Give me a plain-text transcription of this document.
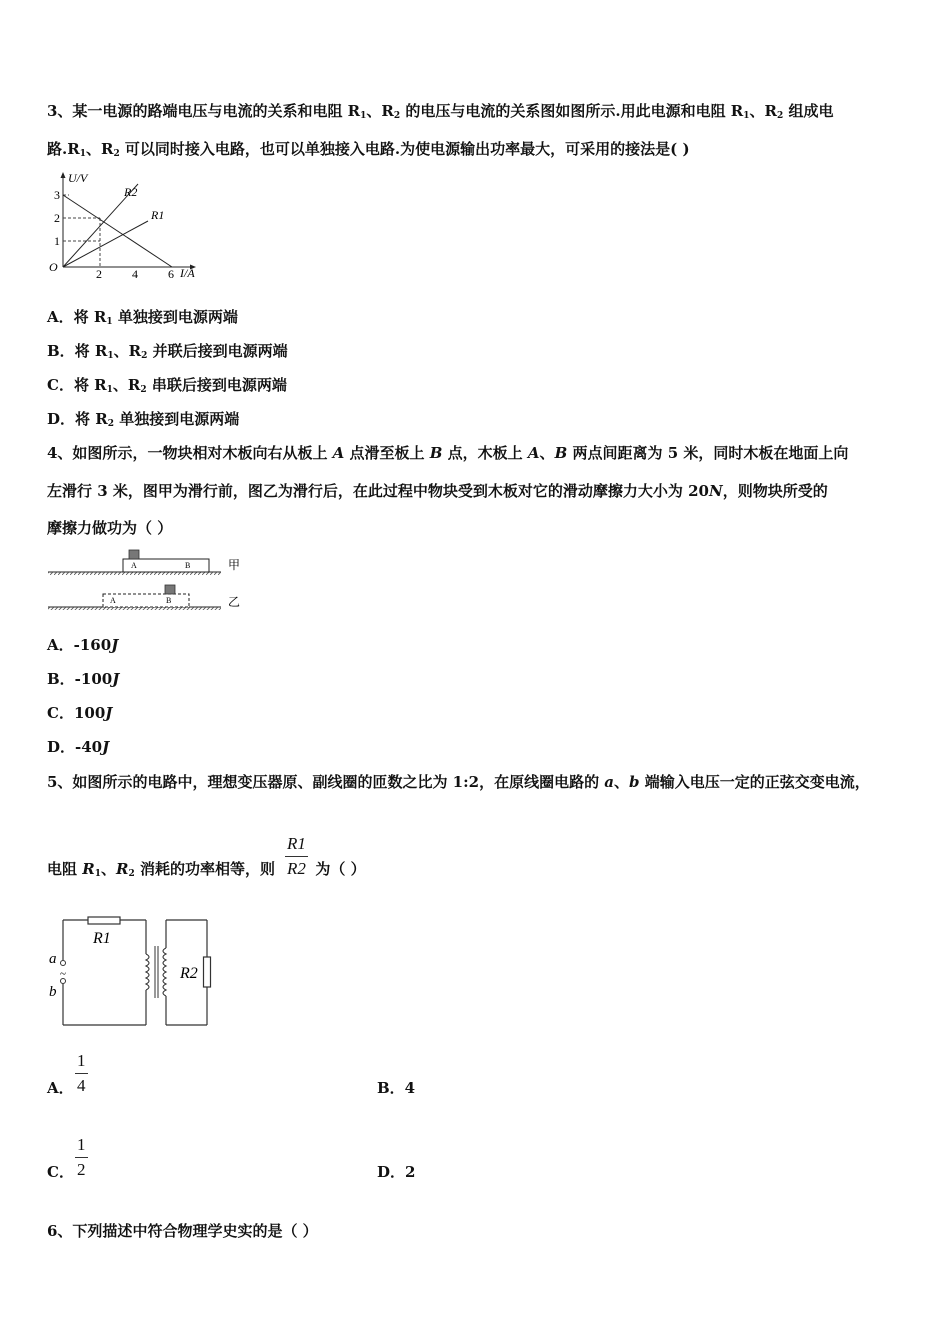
3、某一电源的路端电压与电流的关系和电阻 $R_1$、$R_2$ 的电压与电流的关系图如图所示.用此电源和电阻 $R_1$、$R_2$ 组成电
路$.R_1$、$R_2$ 可以同时接入电路，也可以单独接入电路.为使电源输出功率最大，可采用的接法是( )
U/V
I/A
O
3
2
1
2	4	6
R2
R1
A．将 $R_1$ 单独接到电源两端
B．将 $R_1$、$R_2$ 并联后接到电源两端
C．将 $R_1$、$R_2$ 串联后接到电源两端
D．将 $R_2$ 单独接到电源两端
4、如图所示，一物块相对木板向右从板上 A 点滑至板上 B 点，木板上 A、B 两点间距离为 5 米，同时木板在地面上向
左滑行 3 米，图甲为滑行前，图乙为滑行后，在此过程中物块受到木板对它的滑动摩擦力大小为 20N，则物块所受的
摩擦力做功为（ ）
A	B	甲
A	B	乙
A．-160J
B．-100J
C．100J
D．-40J
5、如图所示的电路中，理想变压器原、副线圈的匝数之比为 1:2，在原线圈电路的 a、b 端输入电压一定的正弦交变电流，
电阻 $R_1$、$R_2$ 消耗的功率相等，则  为（ ）
$\frac{R1}{R2}$
a
~
b
R1
R2
A． $\frac{1}{4}$	B．4
C． $\frac{1}{2}$	D．2
6、下列描述中符合物理学史实的是（ ）
